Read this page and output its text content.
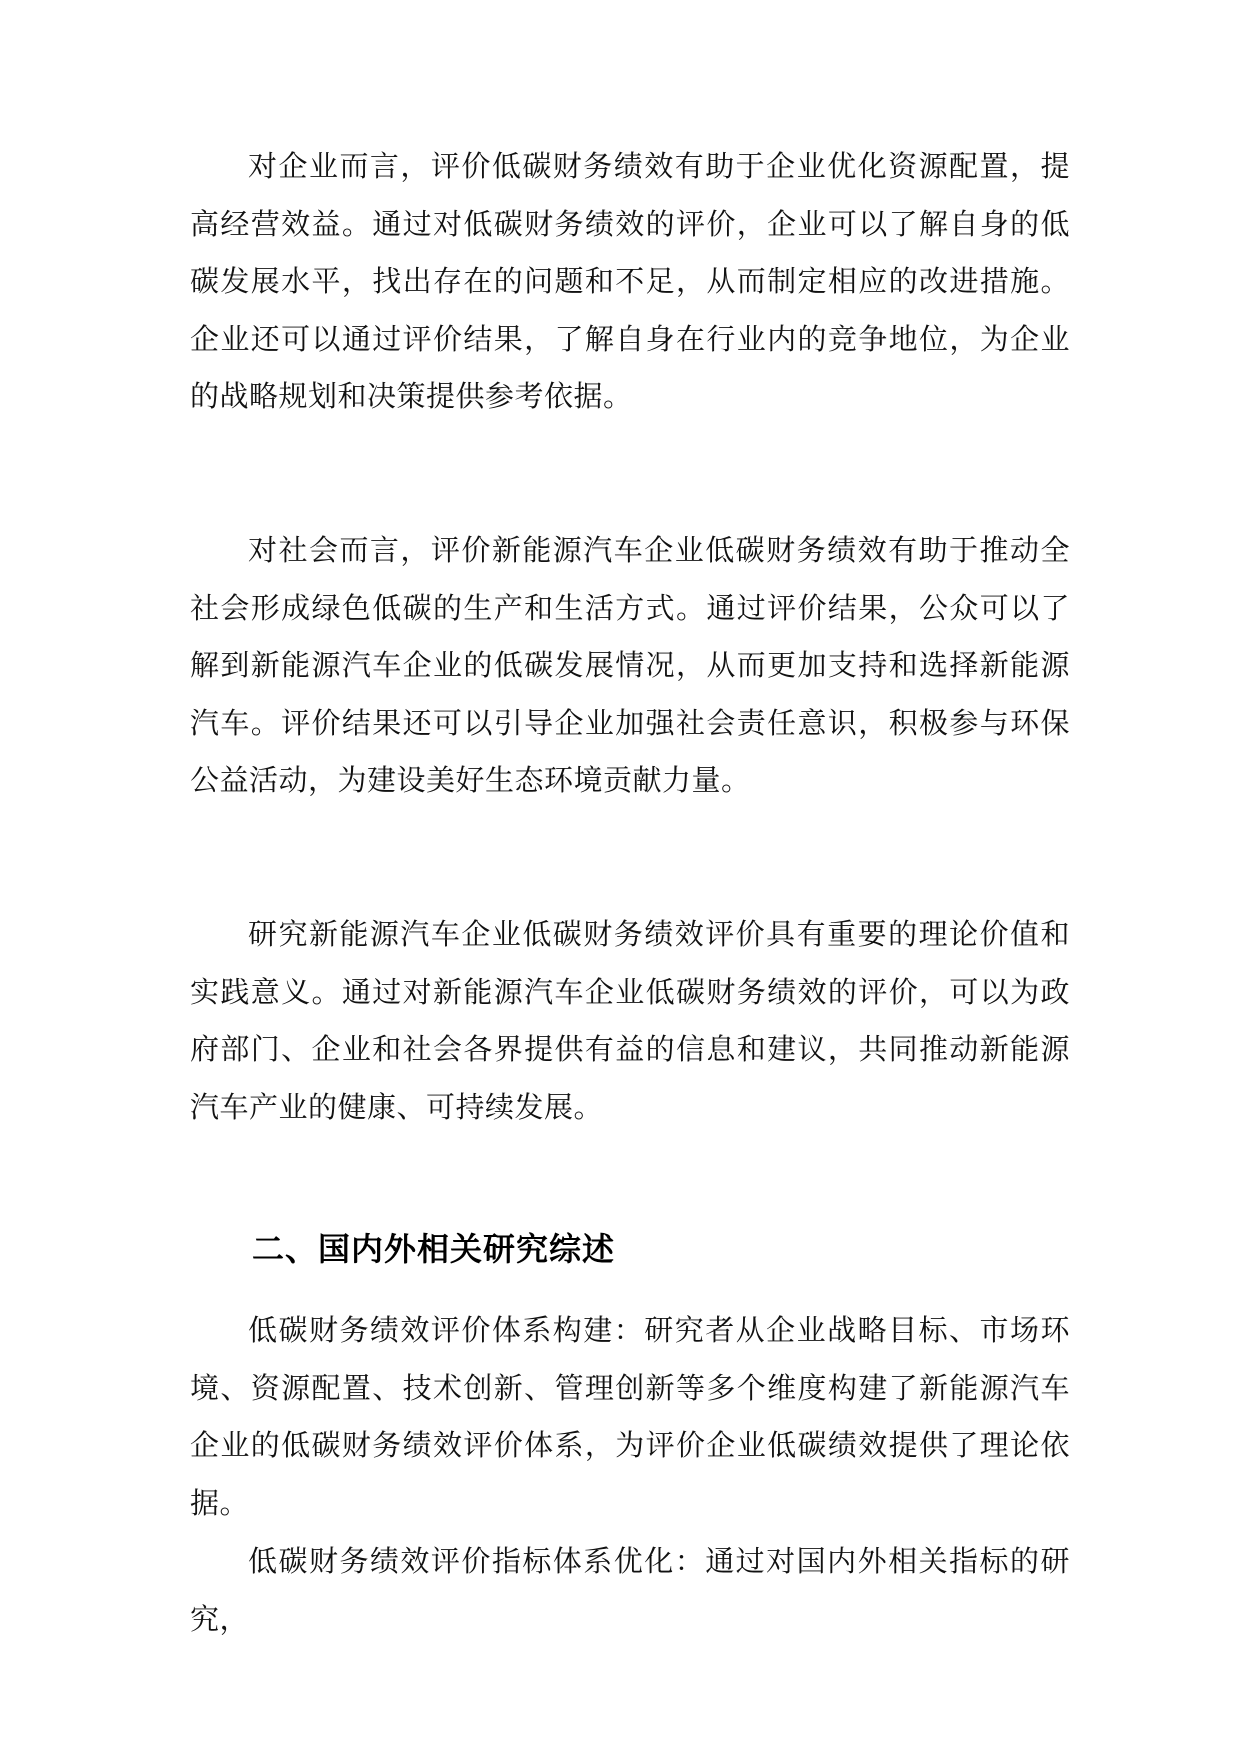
对企业而言，评价低碳财务绩效有助于企业优化资源配置，提高经营效益。通过对低碳财务绩效的评价，企业可以了解自身的低碳发展水平，找出存在的问题和不足，从而制定相应的改进措施。企业还可以通过评价结果，了解自身在行业内的竞争地位，为企业的战略规划和决策提供参考依据。

对社会而言，评价新能源汽车企业低碳财务绩效有助于推动全社会形成绿色低碳的生产和生活方式。通过评价结果，公众可以了解到新能源汽车企业的低碳发展情况，从而更加支持和选择新能源汽车。评价结果还可以引导企业加强社会责任意识，积极参与环保公益活动，为建设美好生态环境贡献力量。

研究新能源汽车企业低碳财务绩效评价具有重要的理论价值和实践意义。通过对新能源汽车企业低碳财务绩效的评价，可以为政府部门、企业和社会各界提供有益的信息和建议，共同推动新能源汽车产业的健康、可持续发展。

二、国内外相关研究综述

低碳财务绩效评价体系构建：研究者从企业战略目标、市场环境、资源配置、技术创新、管理创新等多个维度构建了新能源汽车企业的低碳财务绩效评价体系，为评价企业低碳绩效提供了理论依据。

低碳财务绩效评价指标体系优化：通过对国内外相关指标的研究，
